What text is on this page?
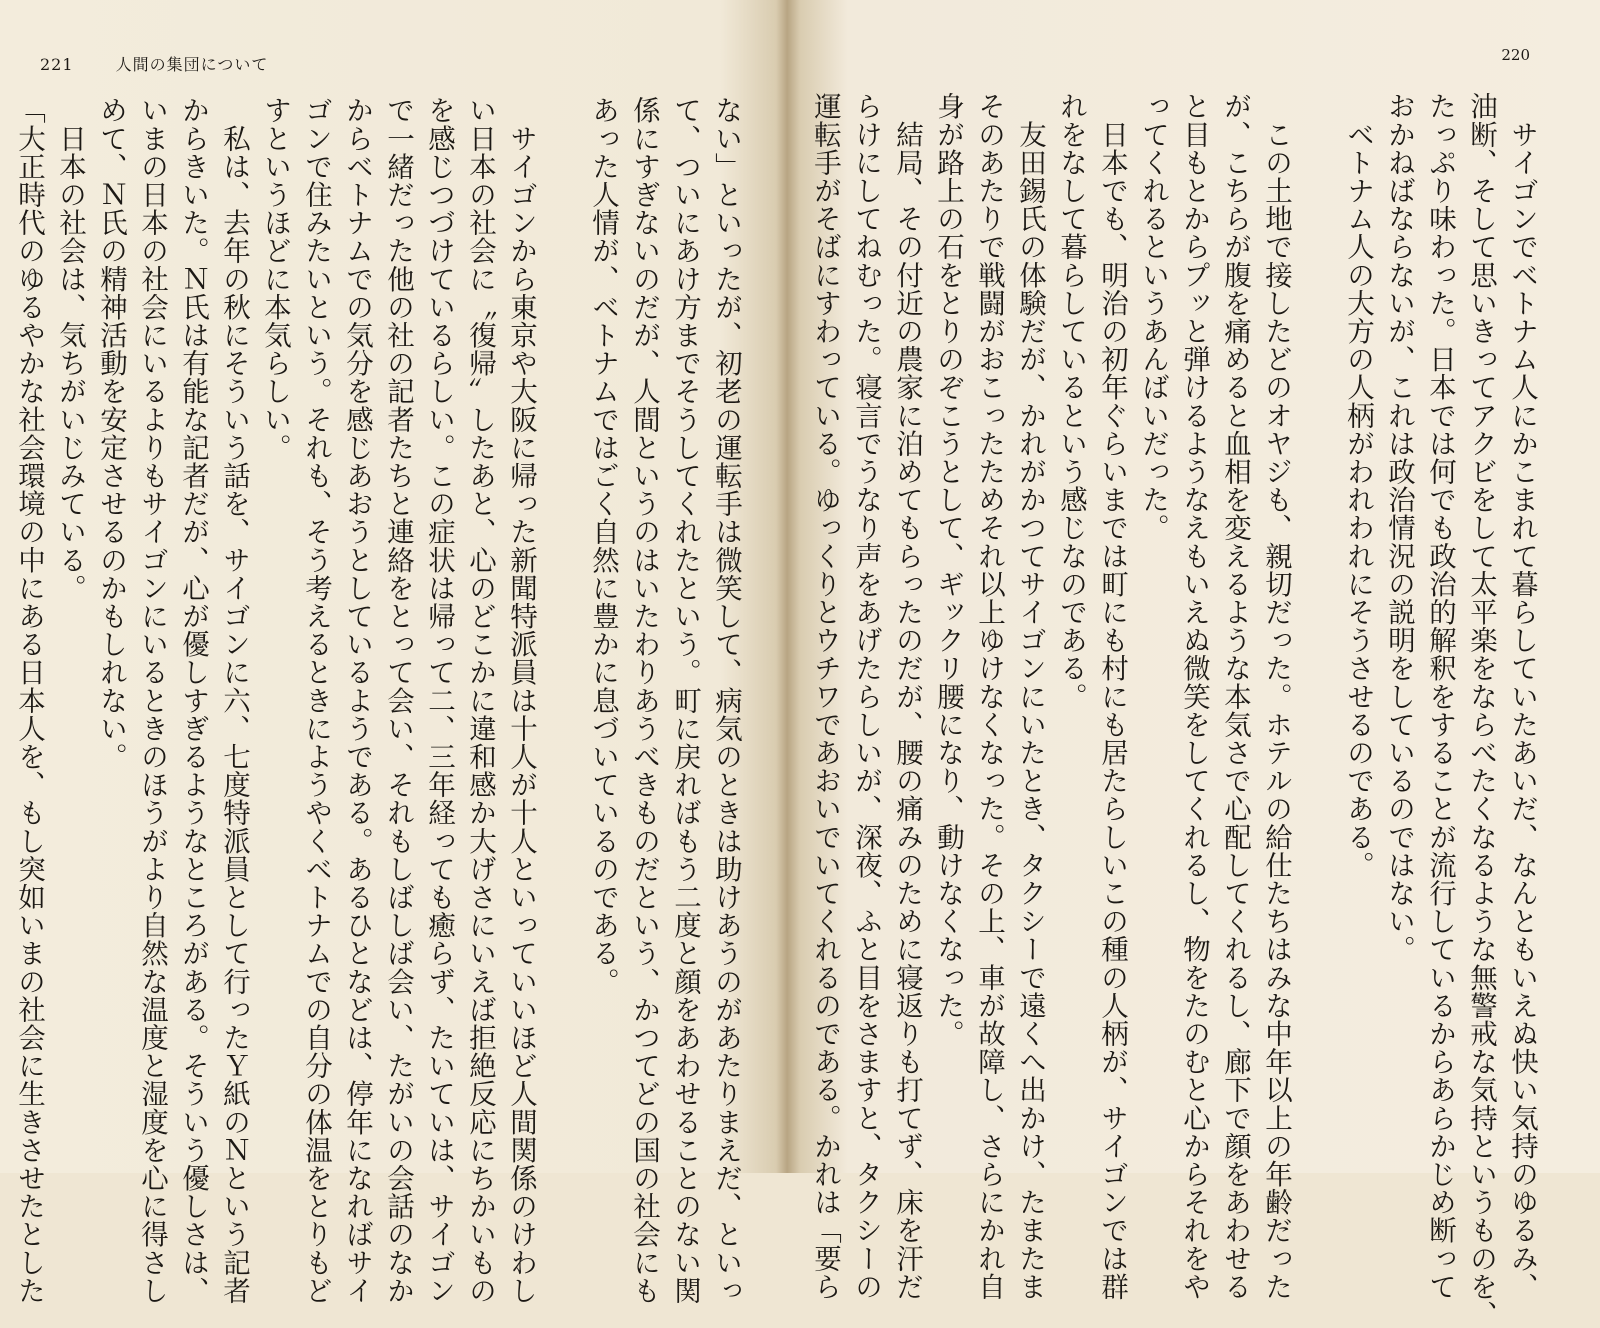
221	人間の集団について
ない」といったが、初老の運転手は微笑して、病気のときは助けあうのがあたりまえだ、といっ
て、ついにあけ方までそうしてくれたという。町に戻ればもう二度と顔をあわせることのない関
係にすぎないのだが、人間というのはいたわりあうべきものだという、かつてどの国の社会にも
あった人情が、ベトナムではごく自然に豊かに息づいているのである。
　サイゴンから東京や大阪に帰った新聞特派員は十人が十人といっていいほど人間関係のけわし
い日本の社会に〝復帰〟したあと、心のどこかに違和感か大げさにいえば拒絶反応にちかいもの
を感じつづけているらしい。この症状は帰って二、三年経っても癒らず、たいていは、サイゴン
で一緒だった他の社の記者たちと連絡をとって会い、それもしばしば会い、たがいの会話のなか
からベトナムでの気分を感じあおうとしているようである。あるひとなどは、停年になればサイ
ゴンで住みたいという。それも、そう考えるときにようやくベトナムでの自分の体温をとりもど
すというほどに本気らしい。
　私は、去年の秋にそういう話を、サイゴンに六、七度特派員として行ったＹ紙のＮという記者
からきいた。Ｎ氏は有能な記者だが、心が優しすぎるようなところがある。そういう優しさは、
いまの日本の社会にいるよりもサイゴンにいるときのほうがより自然な温度と湿度を心に得さし
めて、Ｎ氏の精神活動を安定させるのかもしれない。
　日本の社会は、気ちがいじみている。
「大正時代のゆるやかな社会環境の中にある日本人を、もし突如いまの社会に生きさせたとした
220
　サイゴンでベトナム人にかこまれて暮らしていたあいだ、なんともいえぬ快い気持のゆるみ、
油断、そして思いきってアクビをして太平楽をならべたくなるような無警戒な気持というものを、
たっぷり味わった。日本では何でも政治的解釈をすることが流行しているからあらかじめ断って
おかねばならないが、これは政治情況の説明をしているのではない。
　ベトナム人の大方の人柄がわれわれにそうさせるのである。
　この土地で接したどのオヤジも、親切だった。ホテルの給仕たちはみな中年以上の年齢だった
が、こちらが腹を痛めると血相を変えるような本気さで心配してくれるし、廊下で顔をあわせる
と目もとからプッと弾けるようなえもいえぬ微笑をしてくれるし、物をたのむと心からそれをや
ってくれるというあんばいだった。
　日本でも、明治の初年ぐらいまでは町にも村にも居たらしいこの種の人柄が、サイゴンでは群
れをなして暮らしているという感じなのである。
　友田錫氏の体験だが、かれがかつてサイゴンにいたとき、タクシーで遠くへ出かけ、たまたま
そのあたりで戦闘がおこったためそれ以上ゆけなくなった。その上、車が故障し、さらにかれ自
身が路上の石をとりのぞこうとして、ギックリ腰になり、動けなくなった。
　結局、その付近の農家に泊めてもらったのだが、腰の痛みのために寝返りも打てず、床を汗だ
らけにしてねむった。寝言でうなり声をあげたらしいが、深夜、ふと目をさますと、タクシーの
運転手がそばにすわっている。ゆっくりとウチワであおいでいてくれるのである。かれは「要ら
